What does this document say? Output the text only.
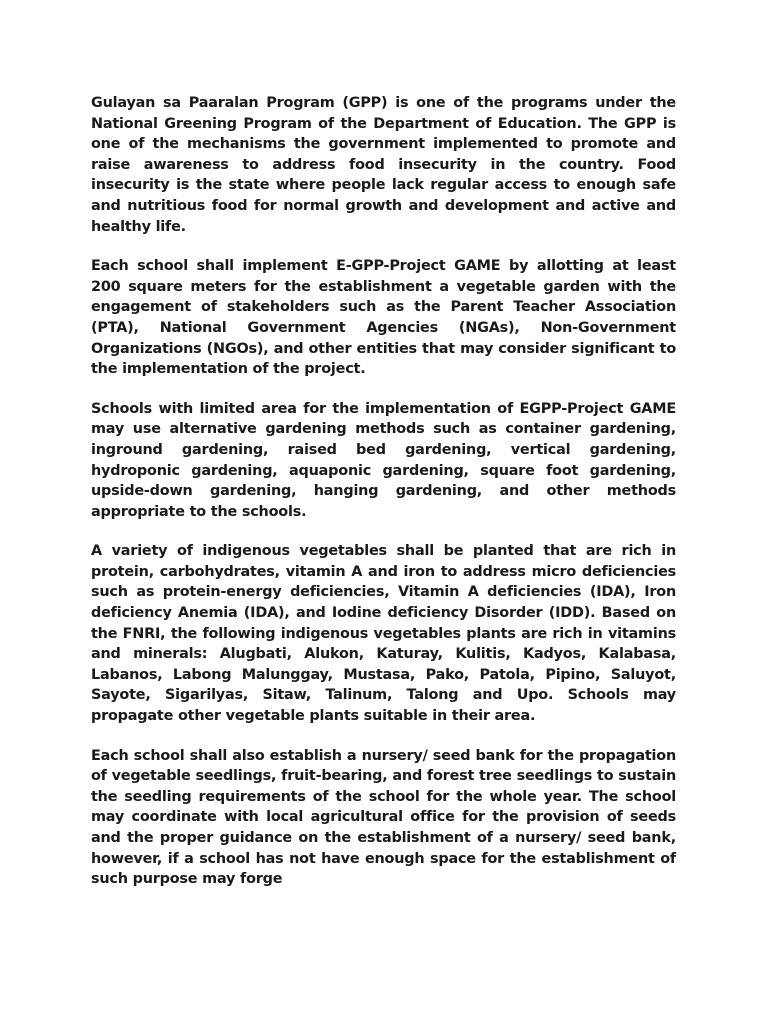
Gulayan sa Paaralan Program (GPP) is one of the programs under the National Greening Program of the Department of Education. The GPP is one of the mechanisms the government implemented to promote and raise awareness to address food insecurity in the country. Food insecurity is the state where people lack regular access to enough safe and nutritious food for normal growth and development and active and healthy life.

Each school shall implement E-GPP-Project GAME by allotting at least 200 square meters for the establishment a vegetable garden with the engagement of stakeholders such as the Parent Teacher Association (PTA), National Government Agencies (NGAs), Non-Government Organizations (NGOs), and other entities that may consider significant to the implementation of the project.

Schools with limited area for the implementation of EGPP-Project GAME may use alternative gardening methods such as container gardening, inground gardening, raised bed gardening, vertical gardening, hydroponic gardening, aquaponic gardening, square foot gardening, upside-down gardening, hanging gardening, and other methods appropriate to the schools.

A variety of indigenous vegetables shall be planted that are rich in protein, carbohydrates, vitamin A and iron to address micro deficiencies such as protein-energy deficiencies, Vitamin A deficiencies (IDA), Iron deficiency Anemia (IDA), and Iodine deficiency Disorder (IDD). Based on the FNRI, the following indigenous vegetables plants are rich in vitamins and minerals: Alugbati, Alukon, Katuray, Kulitis, Kadyos, Kalabasa, Labanos, Labong Malunggay, Mustasa, Pako, Patola, Pipino, Saluyot, Sayote, Sigarilyas, Sitaw, Talinum, Talong and Upo. Schools may propagate other vegetable plants suitable in their area.

Each school shall also establish a nursery/ seed bank for the propagation of vegetable seedlings, fruit-bearing, and forest tree seedlings to sustain the seedling requirements of the school for the whole year. The school may coordinate with local agricultural office for the provision of seeds and the proper guidance on the establishment of a nursery/ seed bank, however, if a school has not have enough space for the establishment of such purpose may forge
